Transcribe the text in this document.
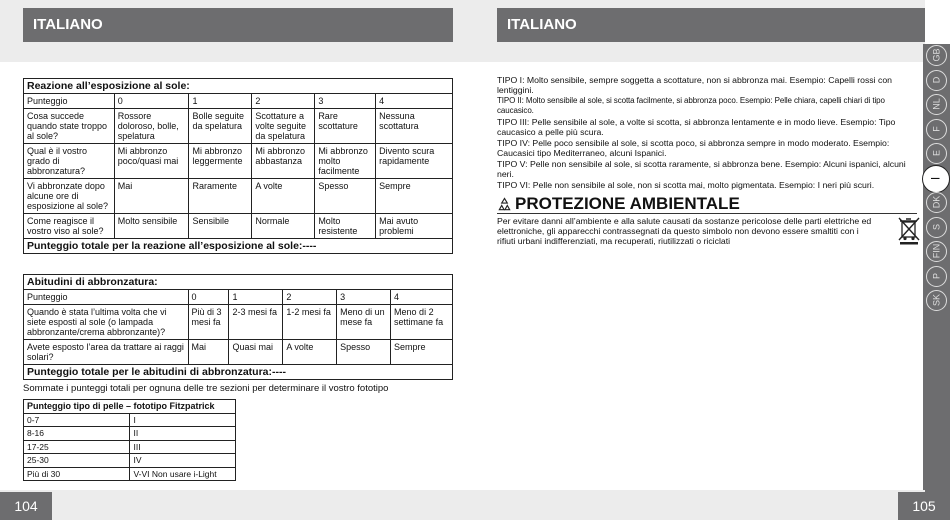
ITALIANO
Reazione all’esposizione al sole:					
Punteggio	0	1	2	3	4
Cosa succede quando state troppo al sole?	Rossore doloroso, bolle, spelatura	Bolle seguite da spelatura	Scottature a volte seguite da spelatura	Rare scottature	Nessuna scottatura
Qual è il vostro grado di abbronzatura?	Mi abbronzo poco/quasi mai	Mi abbronzo leggermente	Mi abbronzo abbastanza	Mi abbronzo molto facilmente	Divento scura rapidamente
Vi abbronzate dopo alcune ore di esposizione al sole?	Mai	Raramente	A volte	Spesso	Sempre
Come reagisce il vostro viso al sole?	Molto sensibile	Sensibile	Normale	Molto resistente	Mai avuto problemi
Punteggio totale per la reazione all’esposizione al sole:----					
Abitudini di abbronzatura:					
Punteggio	0	1	2	3	4
Quando è stata l’ultima volta che vi siete esposti al sole (o lampada abbronzante/crema abbronzante)?	Più di 3 mesi fa	2-3 mesi fa	1-2 mesi fa	Meno di un mese fa	Meno di 2 settimane fa
Avete esposto l’area da trattare ai raggi solari?	Mai	Quasi mai	A volte	Spesso	Sempre
Punteggio totale per le abitudini di abbronzatura:----					
Sommate i punteggi totali per ognuna delle tre sezioni per determinare il vostro fototipo
Punteggio tipo di pelle – fototipo Fitzpatrick	
0-7	I
8-16	II
17-25	III
25-30	IV
Più di 30	V-VI Non usare i-Light
104
ITALIANO

TIPO I: Molto sensibile, sempre soggetta a scottature, non si abbronza mai. Esempio: Capelli rossi con lentiggini.

TIPO II: Molto sensibile al sole, si scotta facilmente, si abbronza poco. Esempio: Pelle chiara, capelli chiari di tipo caucasico.

TIPO III: Pelle sensibile al sole, a volte si scotta, si abbronza lentamente e in modo lieve. Esempio: Tipo caucasico a pelle più scura.

TIPO IV: Pelle poco sensibile al sole, si scotta poco, si abbronza sempre in modo moderato. Esempio: Caucasici tipo Mediterraneo, alcuni Ispanici.

TIPO V: Pelle non sensibile al sole, si scotta raramente, si abbronza bene. Esempio: Alcuni ispanici, alcuni neri.

TIPO VI: Pelle non sensibile al sole, non si scotta mai, molto pigmentata. Esempio: I neri più scuri.

PROTEZIONE AMBIENTALE
Per evitare danni all’ambiente e alla salute causati da sostanze pericolose delle parti elettriche ed elettroniche, gli apparecchi contrassegnati da questo simbolo non devono essere smaltiti con i rifiuti urbani indifferenziati, ma recuperati, riutilizzati o riciclati
GB
D
NL
F
E
I
DK
S
FIN
P
SK
105
